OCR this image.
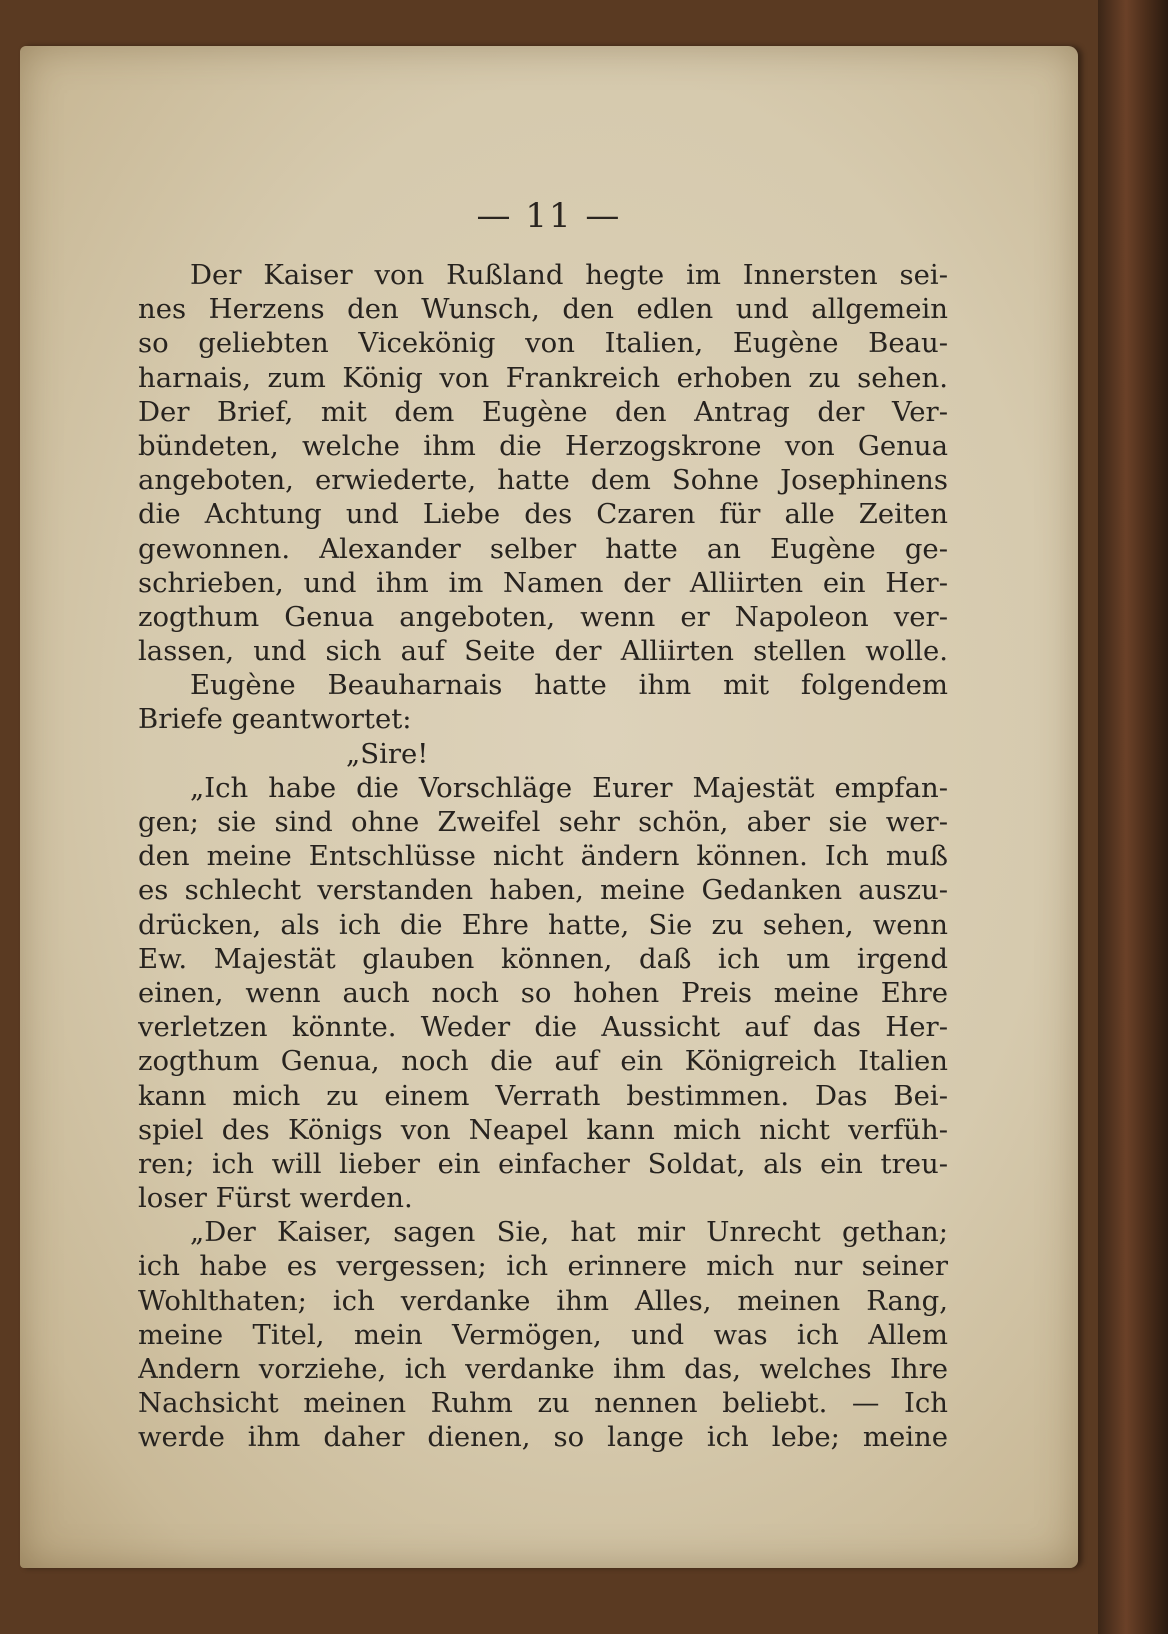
— 11 —
Der Kaiser von Rußland hegte im Innersten sei-
nes Herzens den Wunsch, den edlen und allgemein
so geliebten Vicekönig von Italien, Eugène Beau-
harnais, zum König von Frankreich erhoben zu sehen.
Der Brief, mit dem Eugène den Antrag der Ver-
bündeten, welche ihm die Herzogskrone von Genua
angeboten, erwiederte, hatte dem Sohne Josephinens
die Achtung und Liebe des Czaren für alle Zeiten
gewonnen. Alexander selber hatte an Eugène ge-
schrieben, und ihm im Namen der Alliirten ein Her-
zogthum Genua angeboten, wenn er Napoleon ver-
lassen, und sich auf Seite der Alliirten stellen wolle.
Eugène Beauharnais hatte ihm mit folgendem
Briefe geantwortet:
„Sire!
„Ich habe die Vorschläge Eurer Majestät empfan-
gen; sie sind ohne Zweifel sehr schön, aber sie wer-
den meine Entschlüsse nicht ändern können. Ich muß
es schlecht verstanden haben, meine Gedanken auszu-
drücken, als ich die Ehre hatte, Sie zu sehen, wenn
Ew. Majestät glauben können, daß ich um irgend
einen, wenn auch noch so hohen Preis meine Ehre
verletzen könnte. Weder die Aussicht auf das Her-
zogthum Genua, noch die auf ein Königreich Italien
kann mich zu einem Verrath bestimmen. Das Bei-
spiel des Königs von Neapel kann mich nicht verfüh-
ren; ich will lieber ein einfacher Soldat, als ein treu-
loser Fürst werden.
„Der Kaiser, sagen Sie, hat mir Unrecht gethan;
ich habe es vergessen; ich erinnere mich nur seiner
Wohlthaten; ich verdanke ihm Alles, meinen Rang,
meine Titel, mein Vermögen, und was ich Allem
Andern vorziehe, ich verdanke ihm das, welches Ihre
Nachsicht meinen Ruhm zu nennen beliebt. — Ich
werde ihm daher dienen, so lange ich lebe; meine
